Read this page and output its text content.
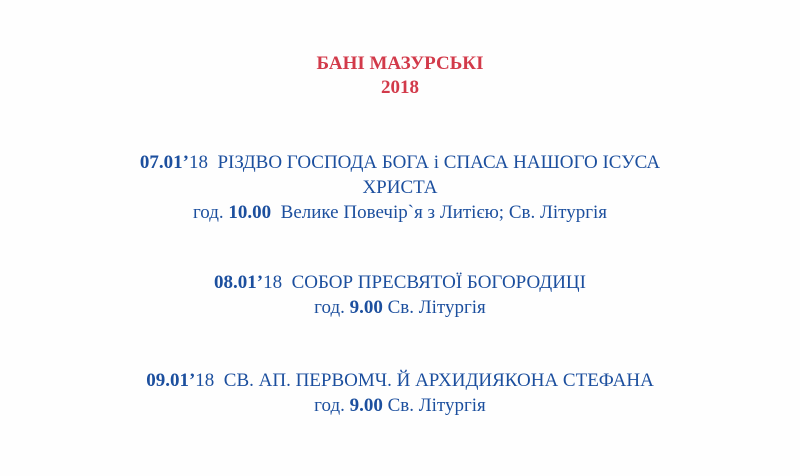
БАНІ МАЗУРСЬКІ
2018
07.01’18  РІЗДВО ГОСПОДА БОГА і СПАСА НАШОГО ІСУСА
ХРИСТА
год. 10.00  Велике Повечір`я з Литією; Св. Літургія
08.01’18  СОБОР ПРЕСВЯТОЇ БОГОРОДИЦІ
год. 9.00 Св. Літургія
09.01’18  СВ. АП. ПЕРВОМЧ. Й АРХИДИЯКОНА СТЕФАНА
год. 9.00 Св. Літургія
